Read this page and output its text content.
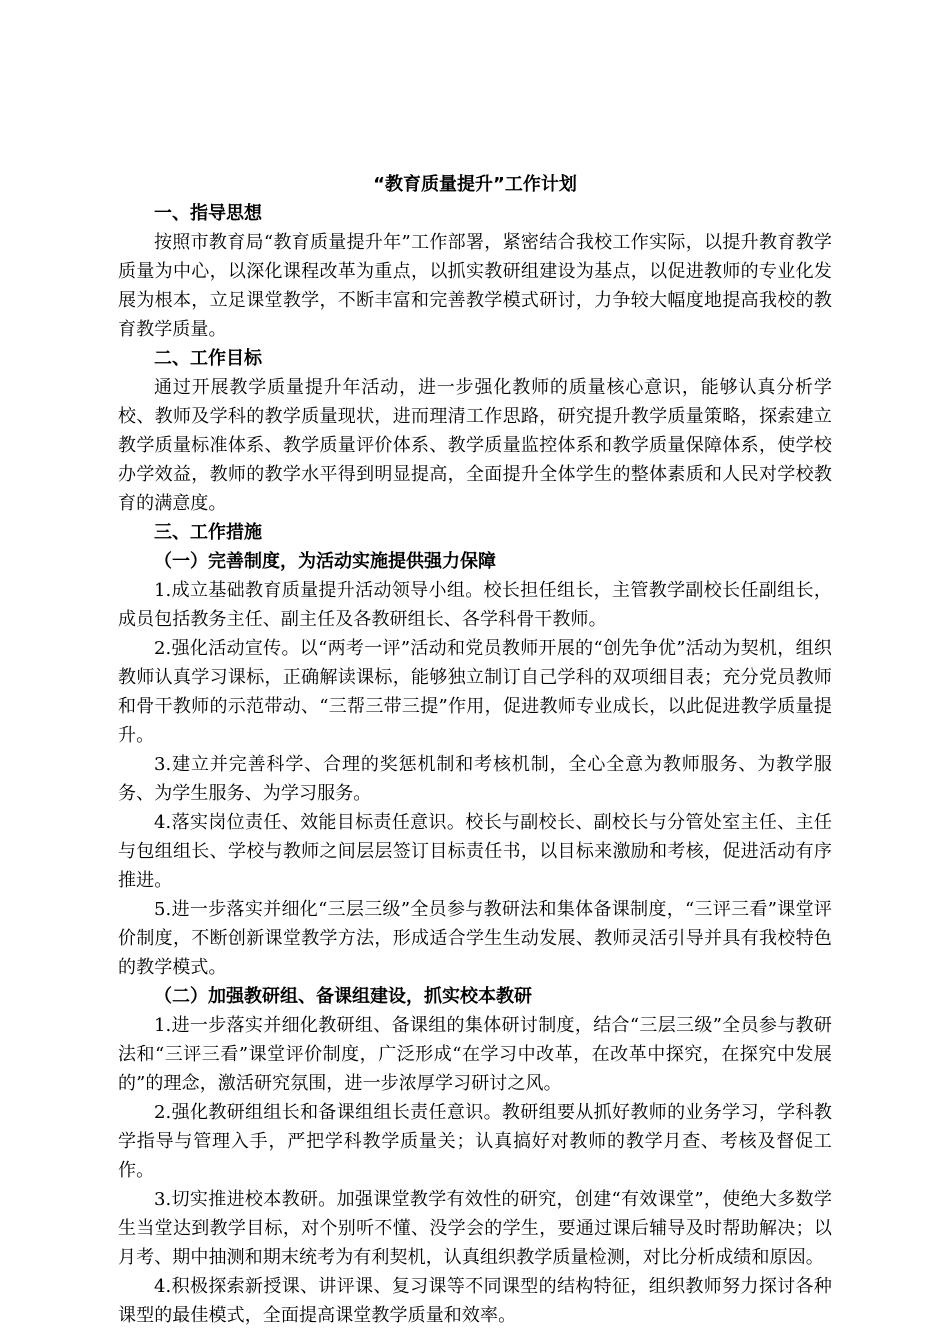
“教育质量提升”工作计划
一、指导思想

按照市教育局“教育质量提升年”工作部署，紧密结合我校工作实际，以提升教育教学质量为中心，以深化课程改革为重点，以抓实教研组建设为基点，以促进教师的专业化发展为根本，立足课堂教学，不断丰富和完善教学模式研讨，力争较大幅度地提高我校的教育教学质量。

二、工作目标

通过开展教学质量提升年活动，进一步强化教师的质量核心意识，能够认真分析学校、教师及学科的教学质量现状，进而理清工作思路，研究提升教学质量策略，探索建立教学质量标准体系、教学质量评价体系、教学质量监控体系和教学质量保障体系，使学校办学效益，教师的教学水平得到明显提高，全面提升全体学生的整体素质和人民对学校教育的满意度。

三、工作措施
（一）完善制度，为活动实施提供强力保障

1.成立基础教育质量提升活动领导小组。校长担任组长，主管教学副校长任副组长，成员包括教务主任、副主任及各教研组长、各学科骨干教师。

2.强化活动宣传。以“两考一评”活动和党员教师开展的“创先争优”活动为契机，组织教师认真学习课标，正确解读课标，能够独立制订自己学科的双项细目表；充分党员教师和骨干教师的示范带动、“三帮三带三提”作用，促进教师专业成长，以此促进教学质量提升。

3.建立并完善科学、合理的奖惩机制和考核机制，全心全意为教师服务、为教学服务、为学生服务、为学习服务。

4.落实岗位责任、效能目标责任意识。校长与副校长、副校长与分管处室主任、主任与包组组长、学校与教师之间层层签订目标责任书，以目标来激励和考核，促进活动有序推进。

5.进一步落实并细化“三层三级”全员参与教研法和集体备课制度，“三评三看”课堂评价制度，不断创新课堂教学方法，形成适合学生生动发展、教师灵活引导并具有我校特色的教学模式。

（二）加强教研组、备课组建设，抓实校本教研

1.进一步落实并细化教研组、备课组的集体研讨制度，结合“三层三级”全员参与教研法和“三评三看”课堂评价制度，广泛形成“在学习中改革，在改革中探究，在探究中发展的”的理念，激活研究氛围，进一步浓厚学习研讨之风。

2.强化教研组组长和备课组组长责任意识。教研组要从抓好教师的业务学习，学科教学指导与管理入手，严把学科教学质量关；认真搞好对教师的教学月查、考核及督促工作。

3.切实推进校本教研。加强课堂教学有效性的研究，创建“有效课堂”，使绝大多数学生当堂达到教学目标，对个别听不懂、没学会的学生，要通过课后辅导及时帮助解决；以月考、期中抽测和期末统考为有利契机，认真组织教学质量检测，对比分析成绩和原因。

4.积极探索新授课、讲评课、复习课等不同课型的结构特征，组织教师努力探讨各种课型的最佳模式，全面提高课堂教学质量和效率。
